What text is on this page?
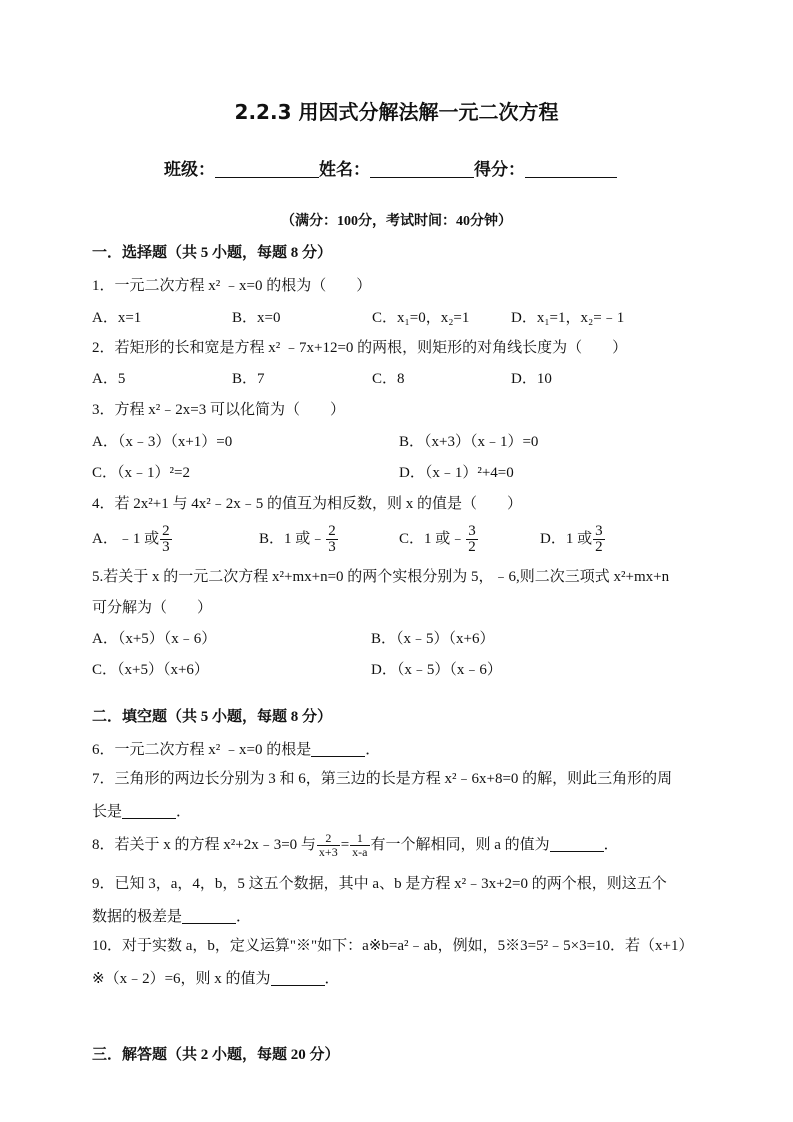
2.2.3 用因式分解法解一元二次方程
班级：	姓名：	得分：
（满分：100分，考试时间：40分钟）
一．选择题（共 5 小题，每题 8 分）
1．一元二次方程 x² ﹣x=0 的根为（　　）
A．x=1	B．x=0	C．x₁=0，x₂=1	D．x₁=1，x₂=﹣1
2．若矩形的长和宽是方程 x² ﹣7x+12=0 的两根，则矩形的对角线长度为（　　）
A．5	B．7	C．8	D．10
3．方程 x²﹣2x=3 可以化简为（　　）
A．（x﹣3）（x+1）=0	B．（x+3）（x﹣1）=0
C．（x﹣1）²=2	D．（x﹣1）²+4=0
4．若 2x²+1 与 4x²﹣2x﹣5 的值互为相反数，则 x 的值是（　　）
A．﹣1 或 $\frac{2}{3}$	B．1 或﹣ $\frac{2}{3}$	C．1 或﹣ $\frac{3}{2}$	D．1 或 $\frac{3}{2}$
5.若关于 x 的一元二次方程 x²+mx+n=0 的两个实根分别为 5，﹣6,则二次三项式 x²+mx+n
可分解为（　　）
A．（x+5）（x﹣6）	B．（x﹣5）（x+6）
C．（x+5）（x+6）	D．（x﹣5）（x﹣6）
二．填空题（共 5 小题，每题 8 分）
6．一元二次方程 x² ﹣x=0 的根是	．
7．三角形的两边长分别为 3 和 6，第三边的长是方程 x²﹣6x+8=0 的解，则此三角形的周
长是	．
8．若关于 x 的方程 x²+2x﹣3=0 与 $\frac{2}{x+3} = \frac{1}{x-a}$ 有一个解相同，则 a 的值为	．
9．已知 3，a，4，b，5 这五个数据，其中 a、b 是方程 x²﹣3x+2=0 的两个根，则这五个
数据的极差是	．
10．对于实数 a，b，定义运算"※"如下：a※b=a²﹣ab，例如，5※3=5²﹣5×3=10．若（x+1）
※（x﹣2）=6，则 x 的值为	．
三．解答题（共 2 小题，每题 20 分）
